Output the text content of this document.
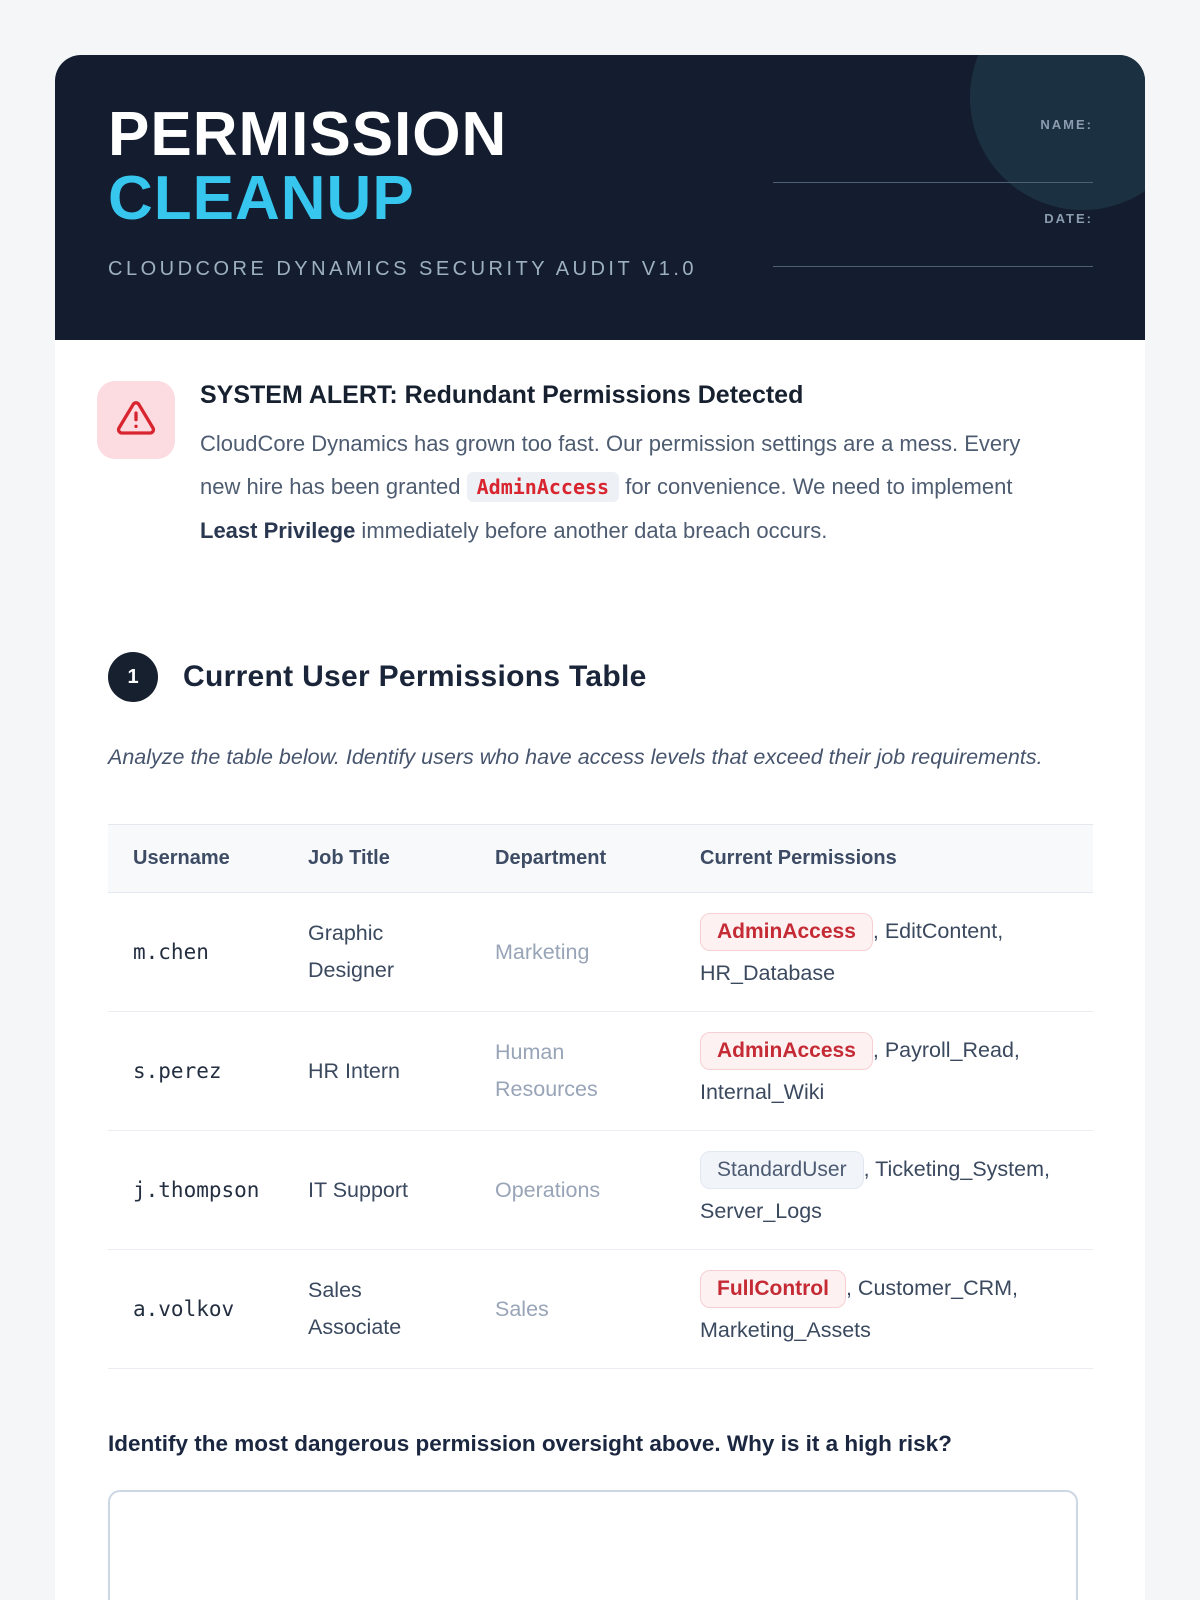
PERMISSION
CLEANUP
CLOUDCORE DYNAMICS SECURITY AUDIT V1.0
NAME:
DATE:
SYSTEM ALERT: Redundant Permissions Detected
CloudCore Dynamics has grown too fast. Our permission settings are a mess. Every new hire has been granted AdminAccess for convenience. We need to implement Least Privilege immediately before another data breach occurs.
1	Current User Permissions Table
Analyze the table below. Identify users who have access levels that exceed their job requirements.
Username	Job Title	Department	Current Permissions
m.chen	Graphic Designer	Marketing	AdminAccess , EditContent, HR_Database
s.perez	HR Intern	Human Resources	AdminAccess , Payroll_Read, Internal_Wiki
j.thompson	IT Support	Operations	StandardUser , Ticketing_System, Server_Logs
a.volkov	Sales Associate	Sales	FullControl , Customer_CRM, Marketing_Assets
Identify the most dangerous permission oversight above. Why is it a high risk?
